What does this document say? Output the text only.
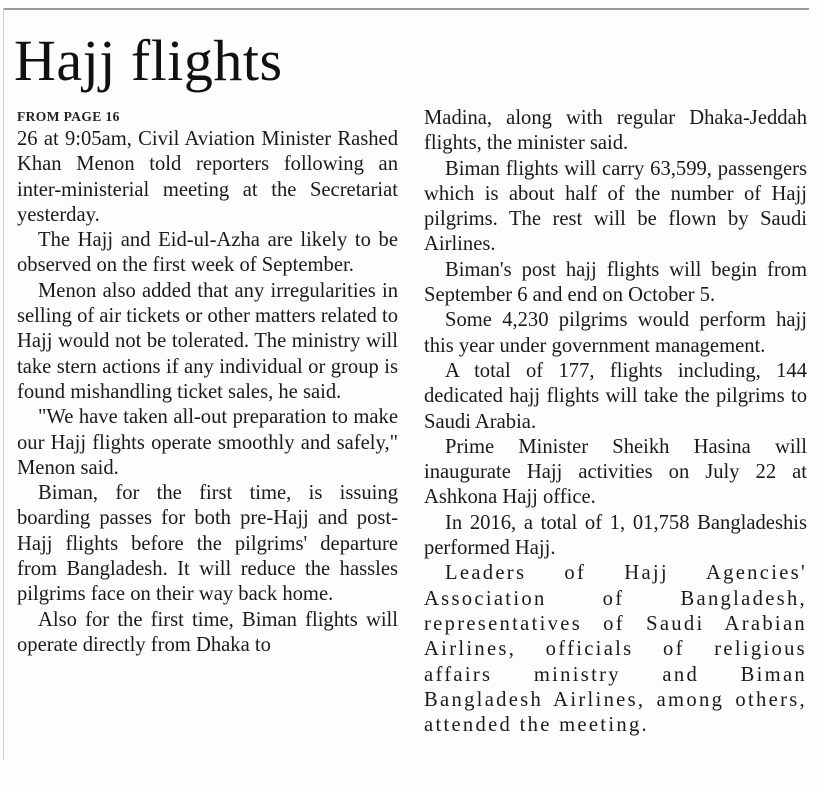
Hajj flights

FROM PAGE 16

26 at 9:05am, Civil Aviation Minister Rashed Khan Menon told reporters following an inter-ministerial meeting at the Secretariat yesterday.

The Hajj and Eid-ul-Azha are likely to be observed on the first week of September.

Menon also added that any irregularities in selling of air tickets or other matters related to Hajj would not be tolerated. The ministry will take stern actions if any individual or group is found mishandling ticket sales, he said.

"We have taken all-out preparation to make our Hajj flights operate smoothly and safely," Menon said.

Biman, for the first time, is issuing boarding passes for both pre-Hajj and post-Hajj flights before the pilgrims' departure from Bangladesh. It will reduce the hassles pilgrims face on their way back home.

Also for the first time, Biman flights will operate directly from Dhaka to

Madina, along with regular Dhaka-Jeddah flights, the minister said.

Biman flights will carry 63,599, passengers which is about half of the number of Hajj pilgrims. The rest will be flown by Saudi Airlines.

Biman's post hajj flights will begin from September 6 and end on October 5.

Some 4,230 pilgrims would perform hajj this year under government management.

A total of 177, flights including, 144 dedicated hajj flights will take the pilgrims to Saudi Arabia.

Prime Minister Sheikh Hasina will inaugurate Hajj activities on July 22 at Ashkona Hajj office.

In 2016, a total of 1, 01,758 Bangladeshis performed Hajj.

Leaders of Hajj Agencies' Association of Bangladesh, representatives of Saudi Arabian Airlines, officials of religious affairs ministry and Biman Bangladesh Airlines, among others, attended the meeting.
